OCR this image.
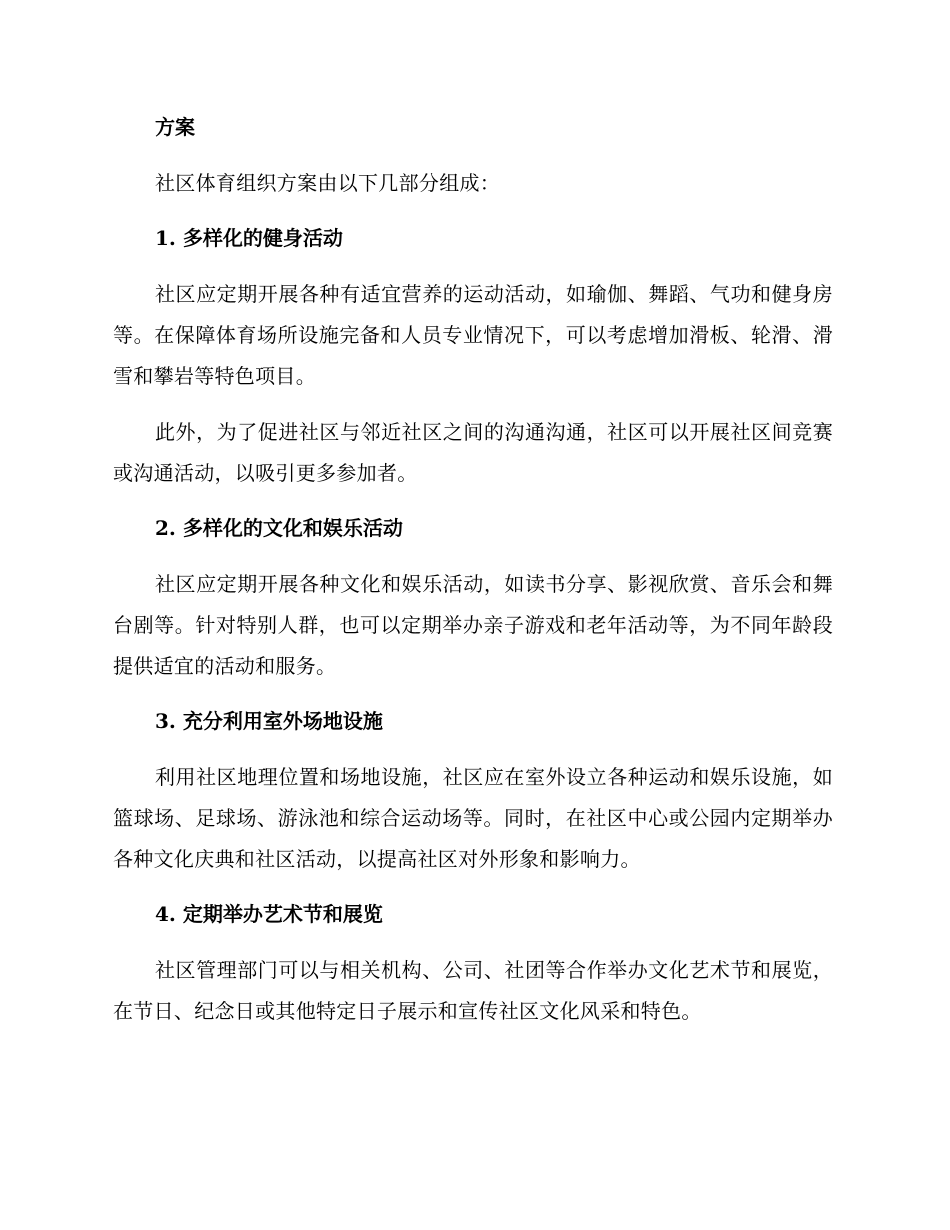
方案

社区体育组织方案由以下几部分组成：

1. 多样化的健身活动

社区应定期开展各种有适宜营养的运动活动，如瑜伽、舞蹈、气功和健身房等。在保障体育场所设施完备和人员专业情况下，可以考虑增加滑板、轮滑、滑雪和攀岩等特色项目。

此外，为了促进社区与邻近社区之间的沟通沟通，社区可以开展社区间竞赛或沟通活动，以吸引更多参加者。

2. 多样化的文化和娱乐活动

社区应定期开展各种文化和娱乐活动，如读书分享、影视欣赏、音乐会和舞台剧等。针对特别人群，也可以定期举办亲子游戏和老年活动等，为不同年龄段提供适宜的活动和服务。

3. 充分利用室外场地设施

利用社区地理位置和场地设施，社区应在室外设立各种运动和娱乐设施，如篮球场、足球场、游泳池和综合运动场等。同时，在社区中心或公园内定期举办各种文化庆典和社区活动，以提高社区对外形象和影响力。

4. 定期举办艺术节和展览

社区管理部门可以与相关机构、公司、社团等合作举办文化艺术节和展览，在节日、纪念日或其他特定日子展示和宣传社区文化风采和特色。
